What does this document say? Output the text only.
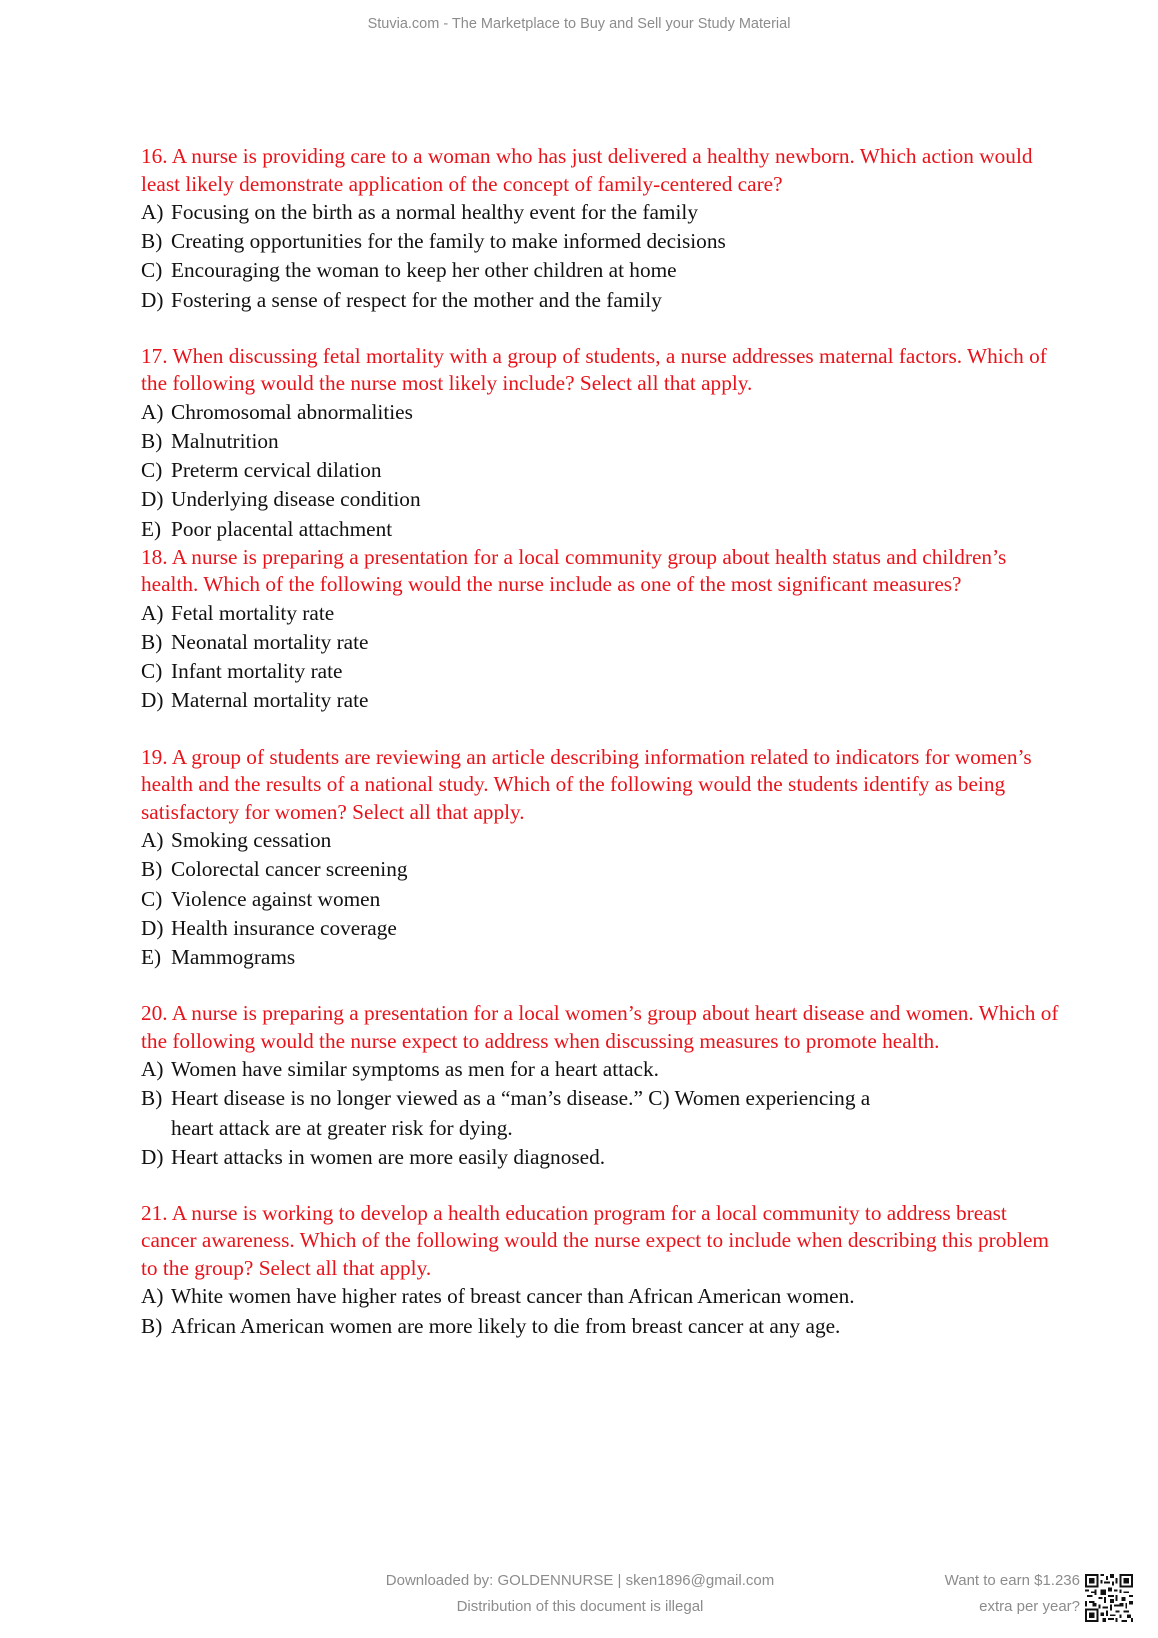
Stuvia.com - The Marketplace to Buy and Sell your Study Material
16. A nurse is providing care to a woman who has just delivered a healthy newborn. Which action would least likely demonstrate application of the concept of family-centered care?
A) Focusing on the birth as a normal healthy event for the family
B) Creating opportunities for the family to make informed decisions
C) Encouraging the woman to keep her other children at home
D) Fostering a sense of respect for the mother and the family
17. When discussing fetal mortality with a group of students, a nurse addresses maternal factors. Which of the following would the nurse most likely include? Select all that apply.
A) Chromosomal abnormalities
B) Malnutrition
C) Preterm cervical dilation
D) Underlying disease condition
E) Poor placental attachment
18. A nurse is preparing a presentation for a local community group about health status and children’s health. Which of the following would the nurse include as one of the most significant measures?
A) Fetal mortality rate
B) Neonatal mortality rate
C) Infant mortality rate
D) Maternal mortality rate
19. A group of students are reviewing an article describing information related to indicators for women’s health and the results of a national study. Which of the following would the students identify as being satisfactory for women? Select all that apply.
A) Smoking cessation
B) Colorectal cancer screening
C) Violence against women
D) Health insurance coverage
E) Mammograms
20. A nurse is preparing a presentation for a local women’s group about heart disease and women. Which of the following would the nurse expect to address when discussing measures to promote health.
A) Women have similar symptoms as men for a heart attack.
B) Heart disease is no longer viewed as a “man’s disease.” C) Women experiencing a heart attack are at greater risk for dying.
D) Heart attacks in women are more easily diagnosed.
21. A nurse is working to develop a health education program for a local community to address breast cancer awareness. Which of the following would the nurse expect to include when describing this problem to the group? Select all that apply.
A) White women have higher rates of breast cancer than African American women.
B) African American women are more likely to die from breast cancer at any age.
Downloaded by: GOLDENNURSE | sken1896@gmail.com
Distribution of this document is illegal
Want to earn $1.236
extra per year?
